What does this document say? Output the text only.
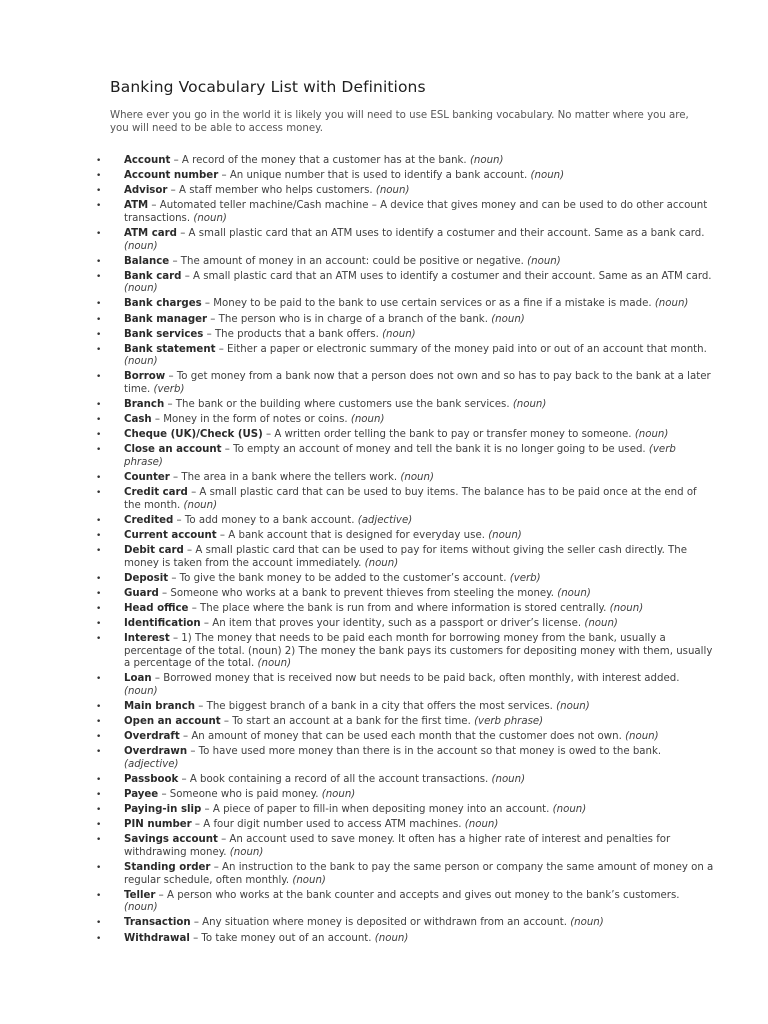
Banking Vocabulary List with Definitions

Where ever you go in the world it is likely you will need to use ESL banking vocabulary. No matter where you are, you will need to be able to access money.

•	Account – A record of the money that a customer has at the bank. (noun)
•	Account number – An unique number that is used to identify a bank account. (noun)
•	Advisor – A staff member who helps customers. (noun)
•	ATM – Automated teller machine/Cash machine – A device that gives money and can be used to do other account transactions. (noun)
•	ATM card – A small plastic card that an ATM uses to identify a costumer and their account. Same as a bank card. (noun)
•	Balance – The amount of money in an account: could be positive or negative. (noun)
•	Bank card – A small plastic card that an ATM uses to identify a costumer and their account. Same as an ATM card. (noun)
•	Bank charges – Money to be paid to the bank to use certain services or as a fine if a mistake is made. (noun)
•	Bank manager – The person who is in charge of a branch of the bank. (noun)
•	Bank services – The products that a bank offers. (noun)
•	Bank statement – Either a paper or electronic summary of the money paid into or out of an account that month. (noun)
•	Borrow – To get money from a bank now that a person does not own and so has to pay back to the bank at a later time. (verb)
•	Branch – The bank or the building where customers use the bank services. (noun)
•	Cash – Money in the form of notes or coins. (noun)
•	Cheque (UK)/Check (US) – A written order telling the bank to pay or transfer money to someone. (noun)
•	Close an account – To empty an account of money and tell the bank it is no longer going to be used. (verb phrase)
•	Counter – The area in a bank where the tellers work. (noun)
•	Credit card – A small plastic card that can be used to buy items. The balance has to be paid once at the end of the month. (noun)
•	Credited – To add money to a bank account. (adjective)
•	Current account – A bank account that is designed for everyday use. (noun)
•	Debit card – A small plastic card that can be used to pay for items without giving the seller cash directly. The money is taken from the account immediately. (noun)
•	Deposit – To give the bank money to be added to the customer’s account. (verb)
•	Guard – Someone who works at a bank to prevent thieves from steeling the money. (noun)
•	Head office – The place where the bank is run from and where information is stored centrally. (noun)
•	Identification – An item that proves your identity, such as a passport or driver’s license. (noun)
•	Interest – 1) The money that needs to be paid each month for borrowing money from the bank, usually a percentage of the total. (noun) 2) The money the bank pays its customers for depositing money with them, usually a percentage of the total. (noun)
•	Loan – Borrowed money that is received now but needs to be paid back, often monthly, with interest added. (noun)
•	Main branch – The biggest branch of a bank in a city that offers the most services. (noun)
•	Open an account – To start an account at a bank for the first time. (verb phrase)
•	Overdraft – An amount of money that can be used each month that the customer does not own. (noun)
•	Overdrawn – To have used more money than there is in the account so that money is owed to the bank. (adjective)
•	Passbook – A book containing a record of all the account transactions. (noun)
•	Payee – Someone who is paid money. (noun)
•	Paying-in slip – A piece of paper to fill-in when depositing money into an account. (noun)
•	PIN number – A four digit number used to access ATM machines. (noun)
•	Savings account – An account used to save money. It often has a higher rate of interest and penalties for withdrawing money. (noun)
•	Standing order – An instruction to the bank to pay the same person or company the same amount of money on a regular schedule, often monthly. (noun)
•	Teller – A person who works at the bank counter and accepts and gives out money to the bank’s customers. (noun)
•	Transaction – Any situation where money is deposited or withdrawn from an account. (noun)
•	Withdrawal – To take money out of an account. (noun)
